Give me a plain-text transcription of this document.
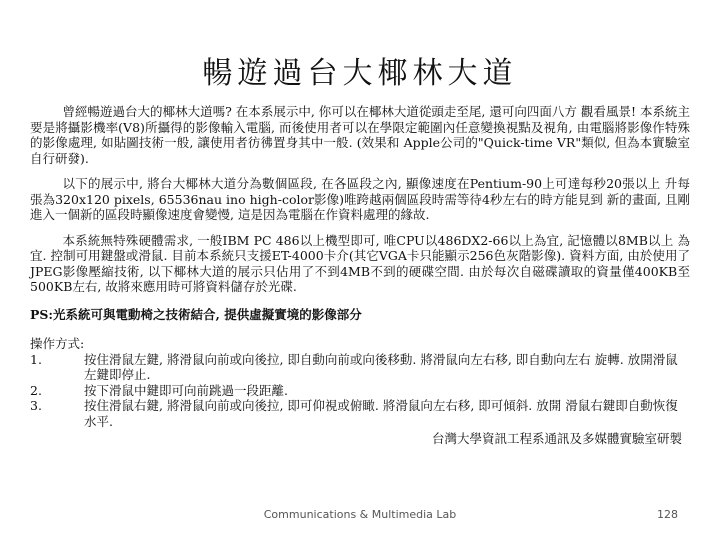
暢遊過台大椰林大道

曾經暢遊過台大的椰林大道嗎? 在本系展示中, 你可以在椰林大道從頭走至尾, 還可向四面八方 觀看風景! 本系統主要是將攝影機率(V8)所攝得的影像輸入電腦, 而後使用者可以在學限定範圍內任意變換視點及視角, 由電腦將影像作特殊的影像處理, 如貼圖技術一般, 讓使用者彷彿置身其中一般. (效果和 Apple公司的"Quick-time VR"類似, 但為本實驗室自行研發).

以下的展示中, 將台大椰林大道分為數個區段, 在各區段之內, 顯像速度在Pentium-90上可達每秒20張以上 升每張為320x120 pixels, 65536nau ino high-color影像)唯跨越兩個區段時需等待4秒左右的時方能見到 新的畫面, 且剛進入一個新的區段時顯像速度會變慢, 這是因為電腦在作資料處理的緣故.

本系統無特殊硬體需求, 一般IBM PC 486以上機型即可, 唯CPU以486DX2-66以上為宜, 記憶體以8MB以上 為宜. 控制可用鍵盤或滑鼠. 目前本系統只支援ET-4000卡介(其它VGA卡只能顯示256色灰階影像). 資料方面, 由於使用了JPEG影像壓縮技術, 以下椰林大道的展示只佔用了不到4MB不到的硬碟空間. 由於每次自磁碟讀取的資量僅400KB至500KB左右, 故將來應用時可將資料儲存於光碟.

PS:光系統可與電動椅之技術結合, 提供虛擬實境的影像部分

操作方式:

1.	按住滑鼠左鍵, 將滑鼠向前或向後拉, 即自動向前或向後移動. 將滑鼠向左右移, 即自動向左右 旋轉. 放開滑鼠左鍵即停止.
2.	按下滑鼠中鍵即可向前跳過一段距離.
3.	按住滑鼠右鍵, 將滑鼠向前或向後拉, 即可仰視或俯瞰. 將滑鼠向左右移, 即可傾斜. 放開 滑鼠右鍵即自動恢復水平.

台灣大學資訊工程系通訊及多媒體實驗室研製

Communications & Multimedia Lab	128
